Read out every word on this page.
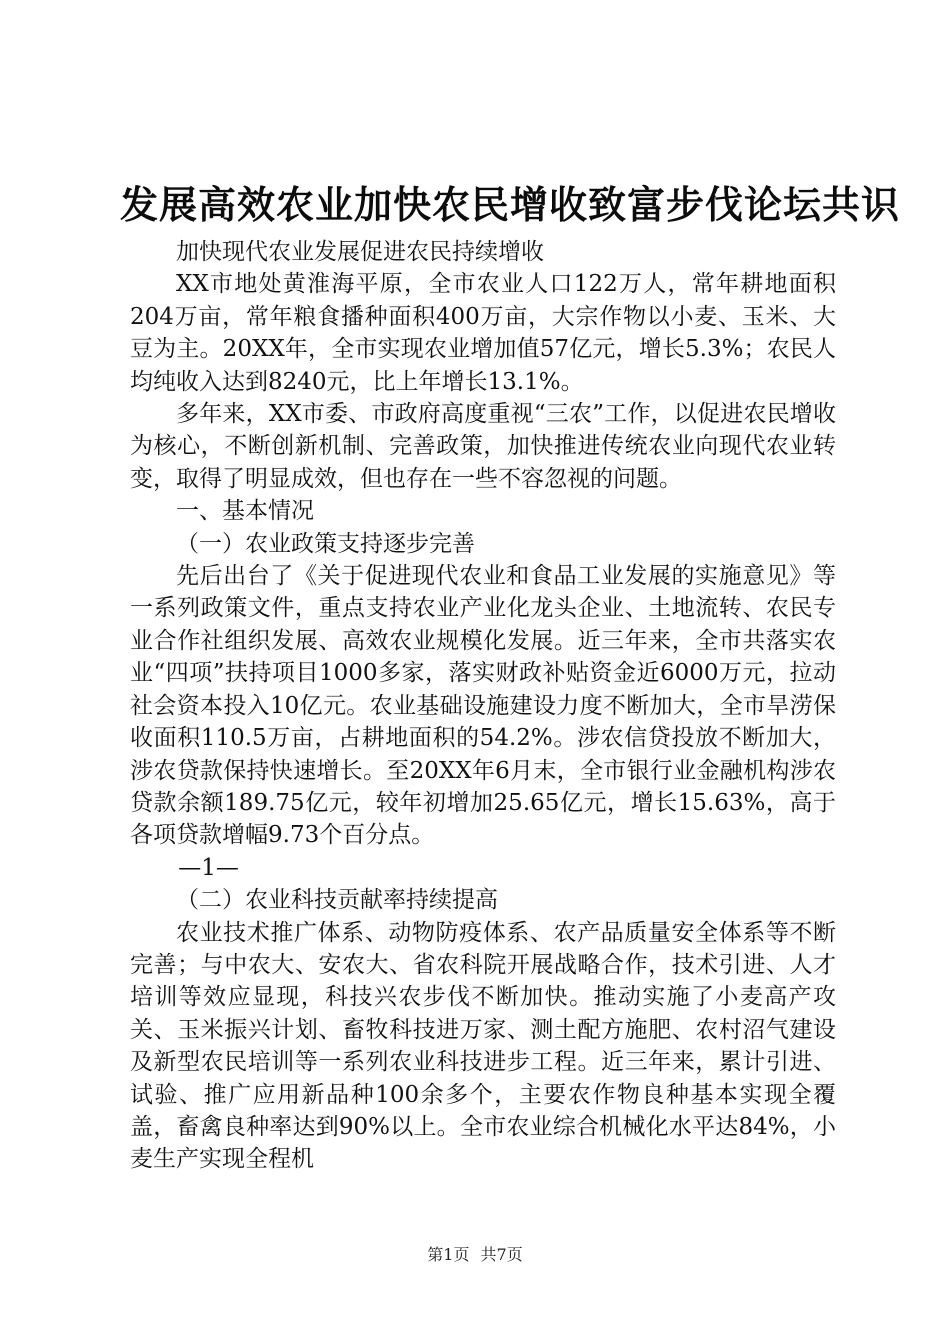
发展高效农业加快农民增收致富步伐论坛共识

加快现代农业发展促进农民持续增收

XX市地处黄淮海平原，全市农业人口122万人，常年耕地面积204万亩，常年粮食播种面积400万亩，大宗作物以小麦、玉米、大豆为主。20XX年，全市实现农业增加值57亿元，增长5.3%；农民人均纯收入达到8240元，比上年增长13.1%。

多年来，XX市委、市政府高度重视“三农”工作，以促进农民增收为核心，不断创新机制、完善政策，加快推进传统农业向现代农业转变，取得了明显成效，但也存在一些不容忽视的问题。

一、基本情况

（一）农业政策支持逐步完善

先后出台了《关于促进现代农业和食品工业发展的实施意见》等一系列政策文件，重点支持农业产业化龙头企业、土地流转、农民专业合作社组织发展、高效农业规模化发展。近三年来，全市共落实农业“四项”扶持项目1000多家，落实财政补贴资金近6000万元，拉动社会资本投入10亿元。农业基础设施建设力度不断加大，全市旱涝保收面积110.5万亩，占耕地面积的54.2%。涉农信贷投放不断加大，涉农贷款保持快速增长。至20XX年6月末，全市银行业金融机构涉农贷款余额189.75亿元，较年初增加25.65亿元，增长15.63%，高于各项贷款增幅9.73个百分点。

—1—

（二）农业科技贡献率持续提高

农业技术推广体系、动物防疫体系、农产品质量安全体系等不断完善；与中农大、安农大、省农科院开展战略合作，技术引进、人才培训等效应显现，科技兴农步伐不断加快。推动实施了小麦高产攻关、玉米振兴计划、畜牧科技进万家、测土配方施肥、农村沼气建设及新型农民培训等一系列农业科技进步工程。近三年来，累计引进、试验、推广应用新品种100余多个，主要农作物良种基本实现全覆盖，畜禽良种率达到90%以上。全市农业综合机械化水平达84%，小麦生产实现全程机

第1页 共7页
